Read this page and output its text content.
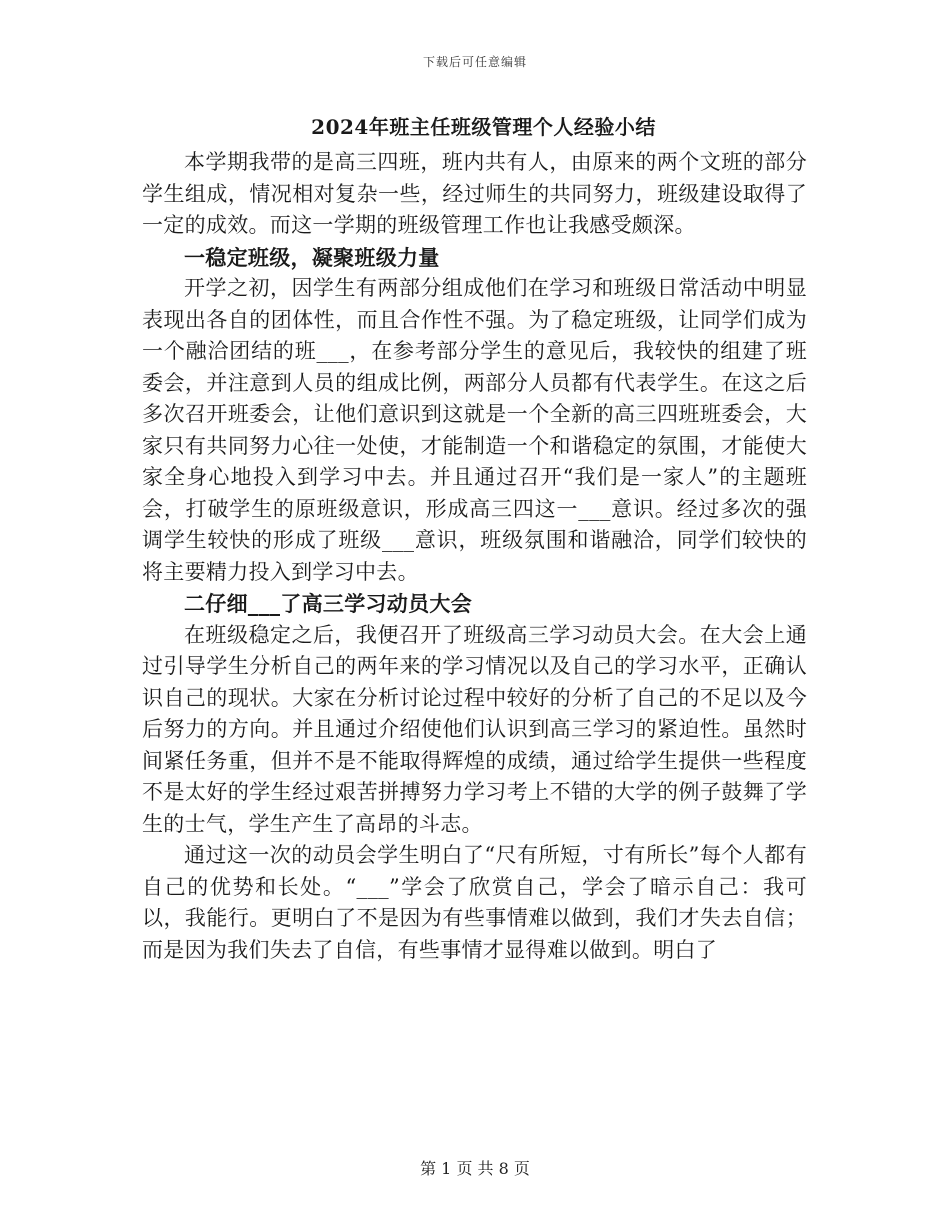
下载后可任意编辑
2024年班主任班级管理个人经验小结

本学期我带的是高三四班，班内共有人，由原来的两个文班的部分学生组成，情况相对复杂一些，经过师生的共同努力，班级建设取得了一定的成效。而这一学期的班级管理工作也让我感受颇深。

一稳定班级，凝聚班级力量

开学之初，因学生有两部分组成他们在学习和班级日常活动中明显表现出各自的团体性，而且合作性不强。为了稳定班级，让同学们成为一个融洽团结的班___，在参考部分学生的意见后，我较快的组建了班委会，并注意到人员的组成比例，两部分人员都有代表学生。在这之后多次召开班委会，让他们意识到这就是一个全新的高三四班班委会，大家只有共同努力心往一处使，才能制造一个和谐稳定的氛围，才能使大家全身心地投入到学习中去。并且通过召开“我们是一家人”的主题班会，打破学生的原班级意识，形成高三四这一___意识。经过多次的强调学生较快的形成了班级___意识，班级氛围和谐融洽，同学们较快的将主要精力投入到学习中去。

二仔细___了高三学习动员大会

在班级稳定之后，我便召开了班级高三学习动员大会。在大会上通过引导学生分析自己的两年来的学习情况以及自己的学习水平，正确认识自己的现状。大家在分析讨论过程中较好的分析了自己的不足以及今后努力的方向。并且通过介绍使他们认识到高三学习的紧迫性。虽然时间紧任务重，但并不是不能取得辉煌的成绩，通过给学生提供一些程度不是太好的学生经过艰苦拼搏努力学习考上不错的大学的例子鼓舞了学生的士气，学生产生了高昂的斗志。

通过这一次的动员会学生明白了“尺有所短，寸有所长”每个人都有自己的优势和长处。“___”学会了欣赏自己，学会了暗示自己：我可以，我能行。更明白了不是因为有些事情难以做到，我们才失去自信；而是因为我们失去了自信，有些事情才显得难以做到。明白了

第 1 页 共 8 页
